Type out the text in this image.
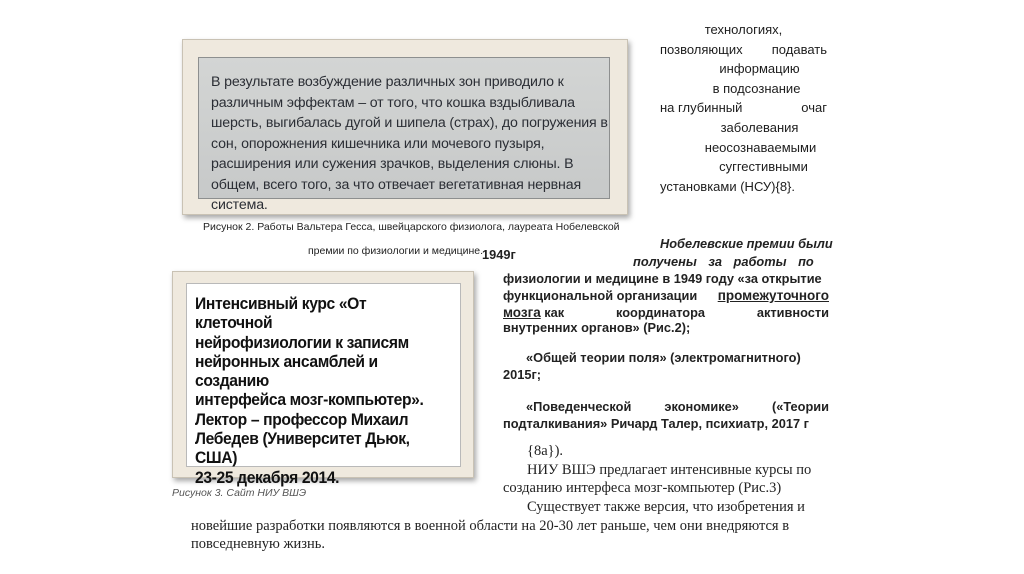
В результате возбуждение различных зон приводило к различным эффектам – от того, что кошка вздыбливала шерсть, выгибалась дугой и шипела (страх), до погружения в сон, опорожнения кишечника или мочевого пузыря, расширения или сужения зрачков, выделения слюны. В общем, всего того, за что отвечает вегетативная нервная система.

Рисунок 2. Работы Вальтера Гесса, швейцарского физиолога, лауреата Нобелевской
премии по физиологии и медицине.
1949г
технологиях,
позволяющих подавать
информацию
в подсознание
на глубинный	очаг
заболевания
неосознаваемыми
суггестивными
установками (НСУ){8}.
Нобелевские премии были
получены за работы по
физиологии и медицине в 1949 году «за открытие
функциональной организации промежуточного
мозга как	координатора	активности
внутренних органов» (Рис.2);
«Общей теории поля» (электромагнитного)
2015г;
«Поведенческой	экономике»	(«Теории
подталкивания» Ричард Талер, психиатр, 2017 г

Интенсивный курс «От клеточной
нейрофизиологии к записям
нейронных ансамблей и созданию
интерфейса мозг-компьютер».
Лектор – профессор Михаил
Лебедев (Университет Дьюк, США)
23-25 декабря 2014.

Рисунок 3. Сайт НИУ ВШЭ
{8а}).
НИУ ВШЭ предлагает интенсивные курсы по
созданию интерфеса мозг-компьютер (Рис.3)
Существует также версия, что изобретения и
новейшие разработки появляются в военной области на 20-30 лет раньше, чем они внедряются в
повседневную жизнь.
